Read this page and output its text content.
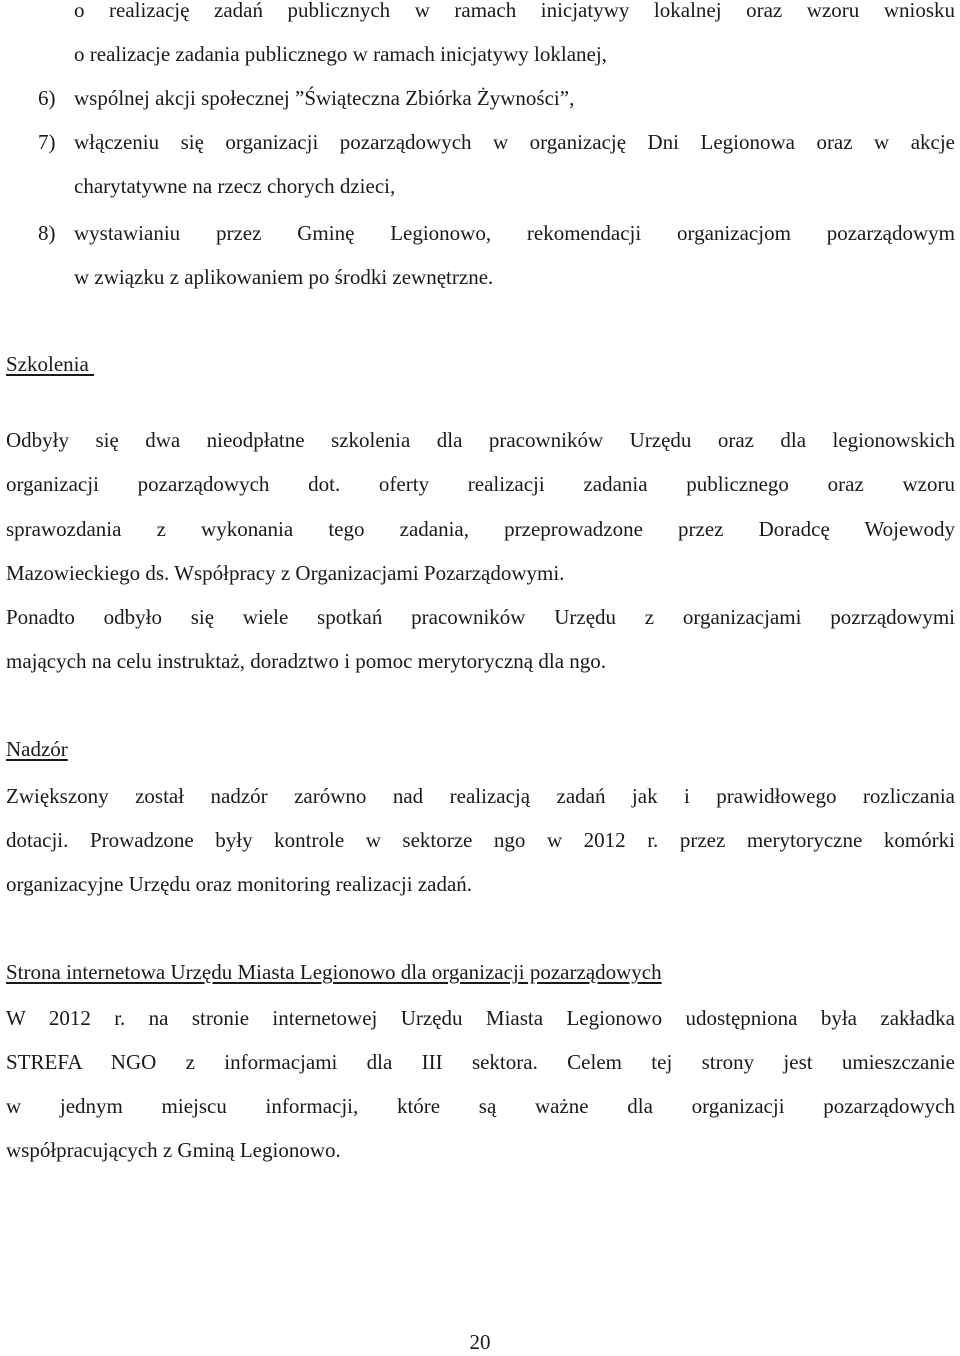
o realizację zadań publicznych w ramach inicjatywy lokalnej oraz wzoru wniosku
o realizacje zadania publicznego w ramach inicjatywy loklanej,
6) wspólnej akcji społecznej ”Świąteczna Zbiórka Żywności”,
7) włączeniu się organizacji pozarządowych w organizację Dni Legionowa oraz w akcje
charytatywne na rzecz chorych dzieci,
8) wystawianiu przez Gminę Legionowo, rekomendacji organizacjom pozarządowym
w związku z aplikowaniem po środki zewnętrzne.
Szkolenia
Odbyły się dwa nieodpłatne szkolenia dla pracowników Urzędu oraz dla legionowskich
organizacji pozarządowych dot. oferty realizacji zadania publicznego oraz wzoru
sprawozdania z wykonania tego zadania, przeprowadzone przez Doradcę Wojewody
Mazowieckiego ds. Współpracy z Organizacjami Pozarządowymi.
Ponadto odbyło się wiele spotkań pracowników Urzędu z organizacjami pozrządowymi
mających na celu instruktaż, doradztwo i pomoc merytoryczną dla ngo.
Nadzór
Zwiększony został nadzór zarówno nad realizacją zadań jak i prawidłowego rozliczania
dotacji. Prowadzone były kontrole w sektorze ngo w 2012 r. przez merytoryczne komórki
organizacyjne Urzędu oraz monitoring realizacji zadań.
Strona internetowa Urzędu Miasta Legionowo dla organizacji pozarządowych
W 2012 r. na stronie internetowej Urzędu Miasta Legionowo udostępniona była zakładka
STREFA NGO z informacjami dla III sektora. Celem tej strony jest umieszczanie
w jednym miejscu informacji, które są ważne dla organizacji pozarządowych
współpracujących z Gminą Legionowo.
20
